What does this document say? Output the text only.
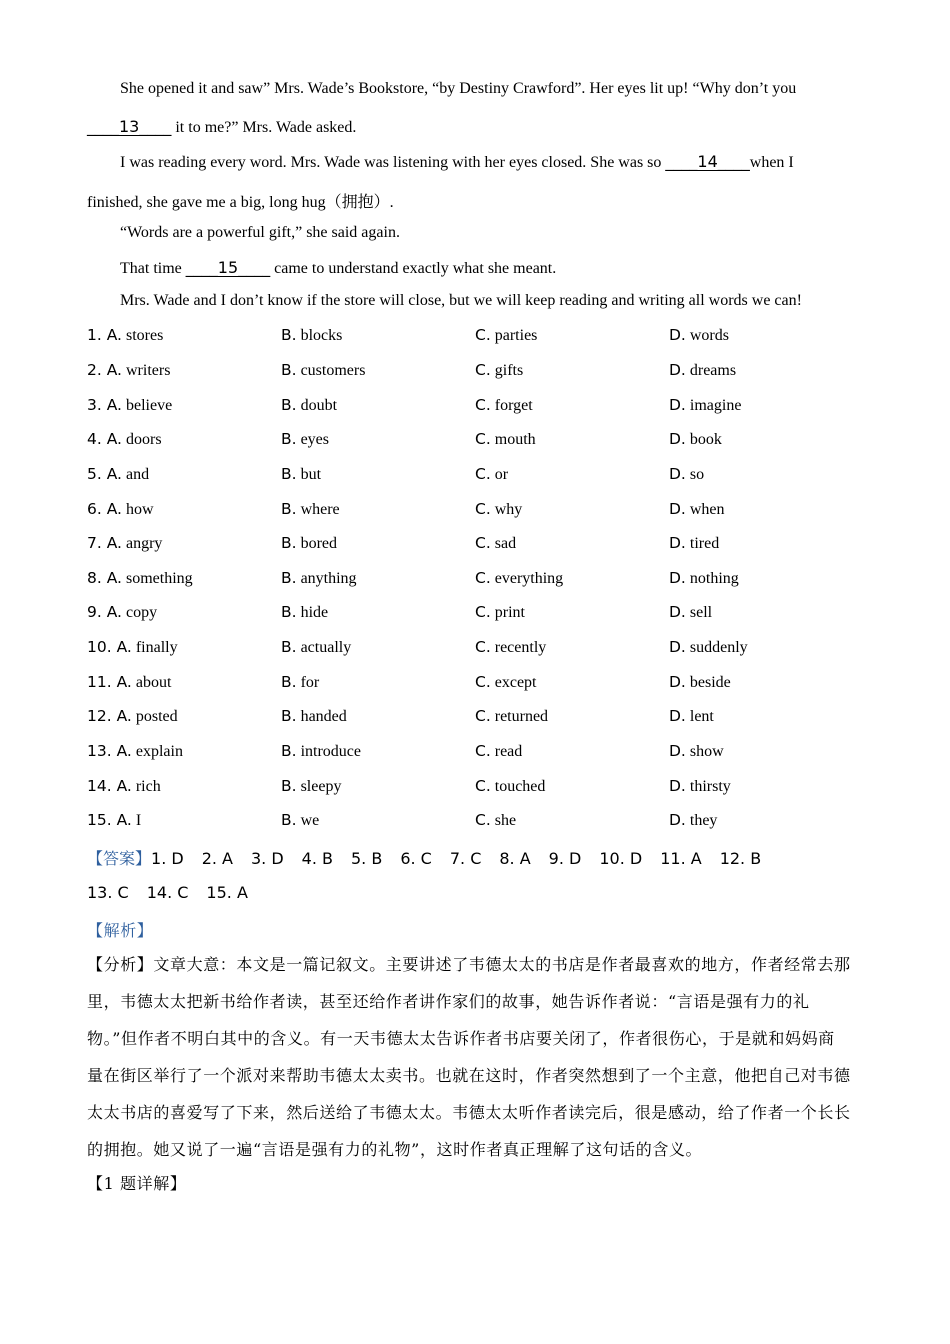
She opened it and saw” Mrs. Wade’s Bookstore, “by Destiny Crawford”. Her eyes lit up! “Why don’t you
____13____ it to me?” Mrs. Wade asked.
I was reading every word. Mrs. Wade was listening with her eyes closed. She was so ____14____when I
finished, she gave me a big, long hug（拥抱）.
“Words are a powerful gift,” she said again.
That time ____15____ came to understand exactly what she meant.
Mrs. Wade and I don’t know if the store will close, but we will keep reading and writing all words we can!
1. A. stores	B. blocks	C. parties	D. words
2. A. writers	B. customers	C. gifts	D. dreams
3. A. believe	B. doubt	C. forget	D. imagine
4. A. doors	B. eyes	C. mouth	D. book
5. A. and	B. but	C. or	D. so
6. A. how	B. where	C. why	D. when
7. A. angry	B. bored	C. sad	D. tired
8. A. something	B. anything	C. everything	D. nothing
9. A. copy	B. hide	C. print	D. sell
10. A. finally	B. actually	C. recently	D. suddenly
11. A. about	B. for	C. except	D. beside
12. A. posted	B. handed	C. returned	D. lent
13. A. explain	B. introduce	C. read	D. show
14. A. rich	B. sleepy	C. touched	D. thirsty
15. A. I	B. we	C. she	D. they
【答案】1. D 2. A 3. D 4. B 5. B 6. C 7. C 8. A 9. D 10. D 11. A 12. B
13. C 14. C 15. A
【解析】
【分析】文章大意：本文是一篇记叙文。主要讲述了韦德太太的书店是作者最喜欢的地方，作者经常去那
里，韦德太太把新书给作者读，甚至还给作者讲作家们的故事，她告诉作者说：“言语是强有力的礼
物。”但作者不明白其中的含义。有一天韦德太太告诉作者书店要关闭了，作者很伤心，于是就和妈妈商
量在街区举行了一个派对来帮助韦德太太卖书。也就在这时，作者突然想到了一个主意，他把自己对韦德
太太书店的喜爱写了下来，然后送给了韦德太太。韦德太太听作者读完后，很是感动，给了作者一个长长
的拥抱。她又说了一遍“言语是强有力的礼物”，这时作者真正理解了这句话的含义。
【1 题详解】
